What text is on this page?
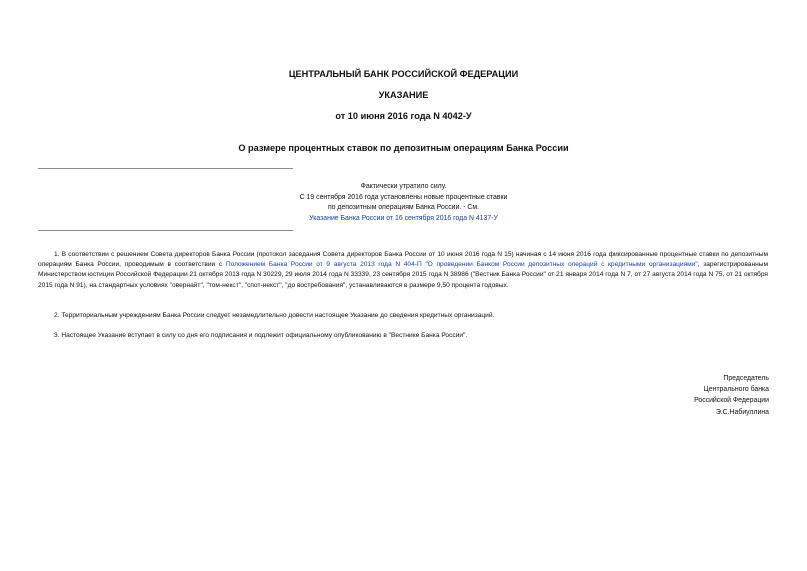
ЦЕНТРАЛЬНЫЙ БАНК РОССИЙСКОЙ ФЕДЕРАЦИИ
УКАЗАНИЕ
от 10 июня 2016 года N 4042-У
О размере процентных ставок по депозитным операциям Банка России
Фактически утратило силу.
С 19 сентября 2016 года установлены новые процентные ставки
по депозитным операциям Банка России. - См.
Указание Банка России от 16 сентября 2016 года N 4137-У

1. В соответствии с решением Совета директоров Банка России (протокол заседания Совета директоров Банка России от 10 июня 2016 года N 15) начиная с 14 июня 2016 года фиксированные процентные ставки по депозитным операциям Банка России, проводимым в соответствии с Положением Банка России от 9 августа 2013 года N 404-П "О проведении Банком России депозитных операций с кредитными организациями", зарегистрированным Министерством юстиции Российской Федерации 21 октября 2013 года N 30229, 29 июля 2014 года N 33339, 23 сентября 2015 года N 38986 ("Вестник Банка России" от 21 января 2014 года N 7, от 27 августа 2014 года N 75, от 21 октября 2015 года N 91), на стандартных условиях "овернайт", "том-некст", "спот-некст", "до востребования", устанавливаются в размере 9,50 процента годовых.

2. Территориальным учреждениям Банка России следует незамедлительно довести настоящее Указание до сведения кредитных организаций.

3. Настоящее Указание вступает в силу со дня его подписания и подлежит официальному опубликованию в "Вестнике Банка России".

Председатель
Центрального банка
Российской Федерации
Э.С.Набиуллина
